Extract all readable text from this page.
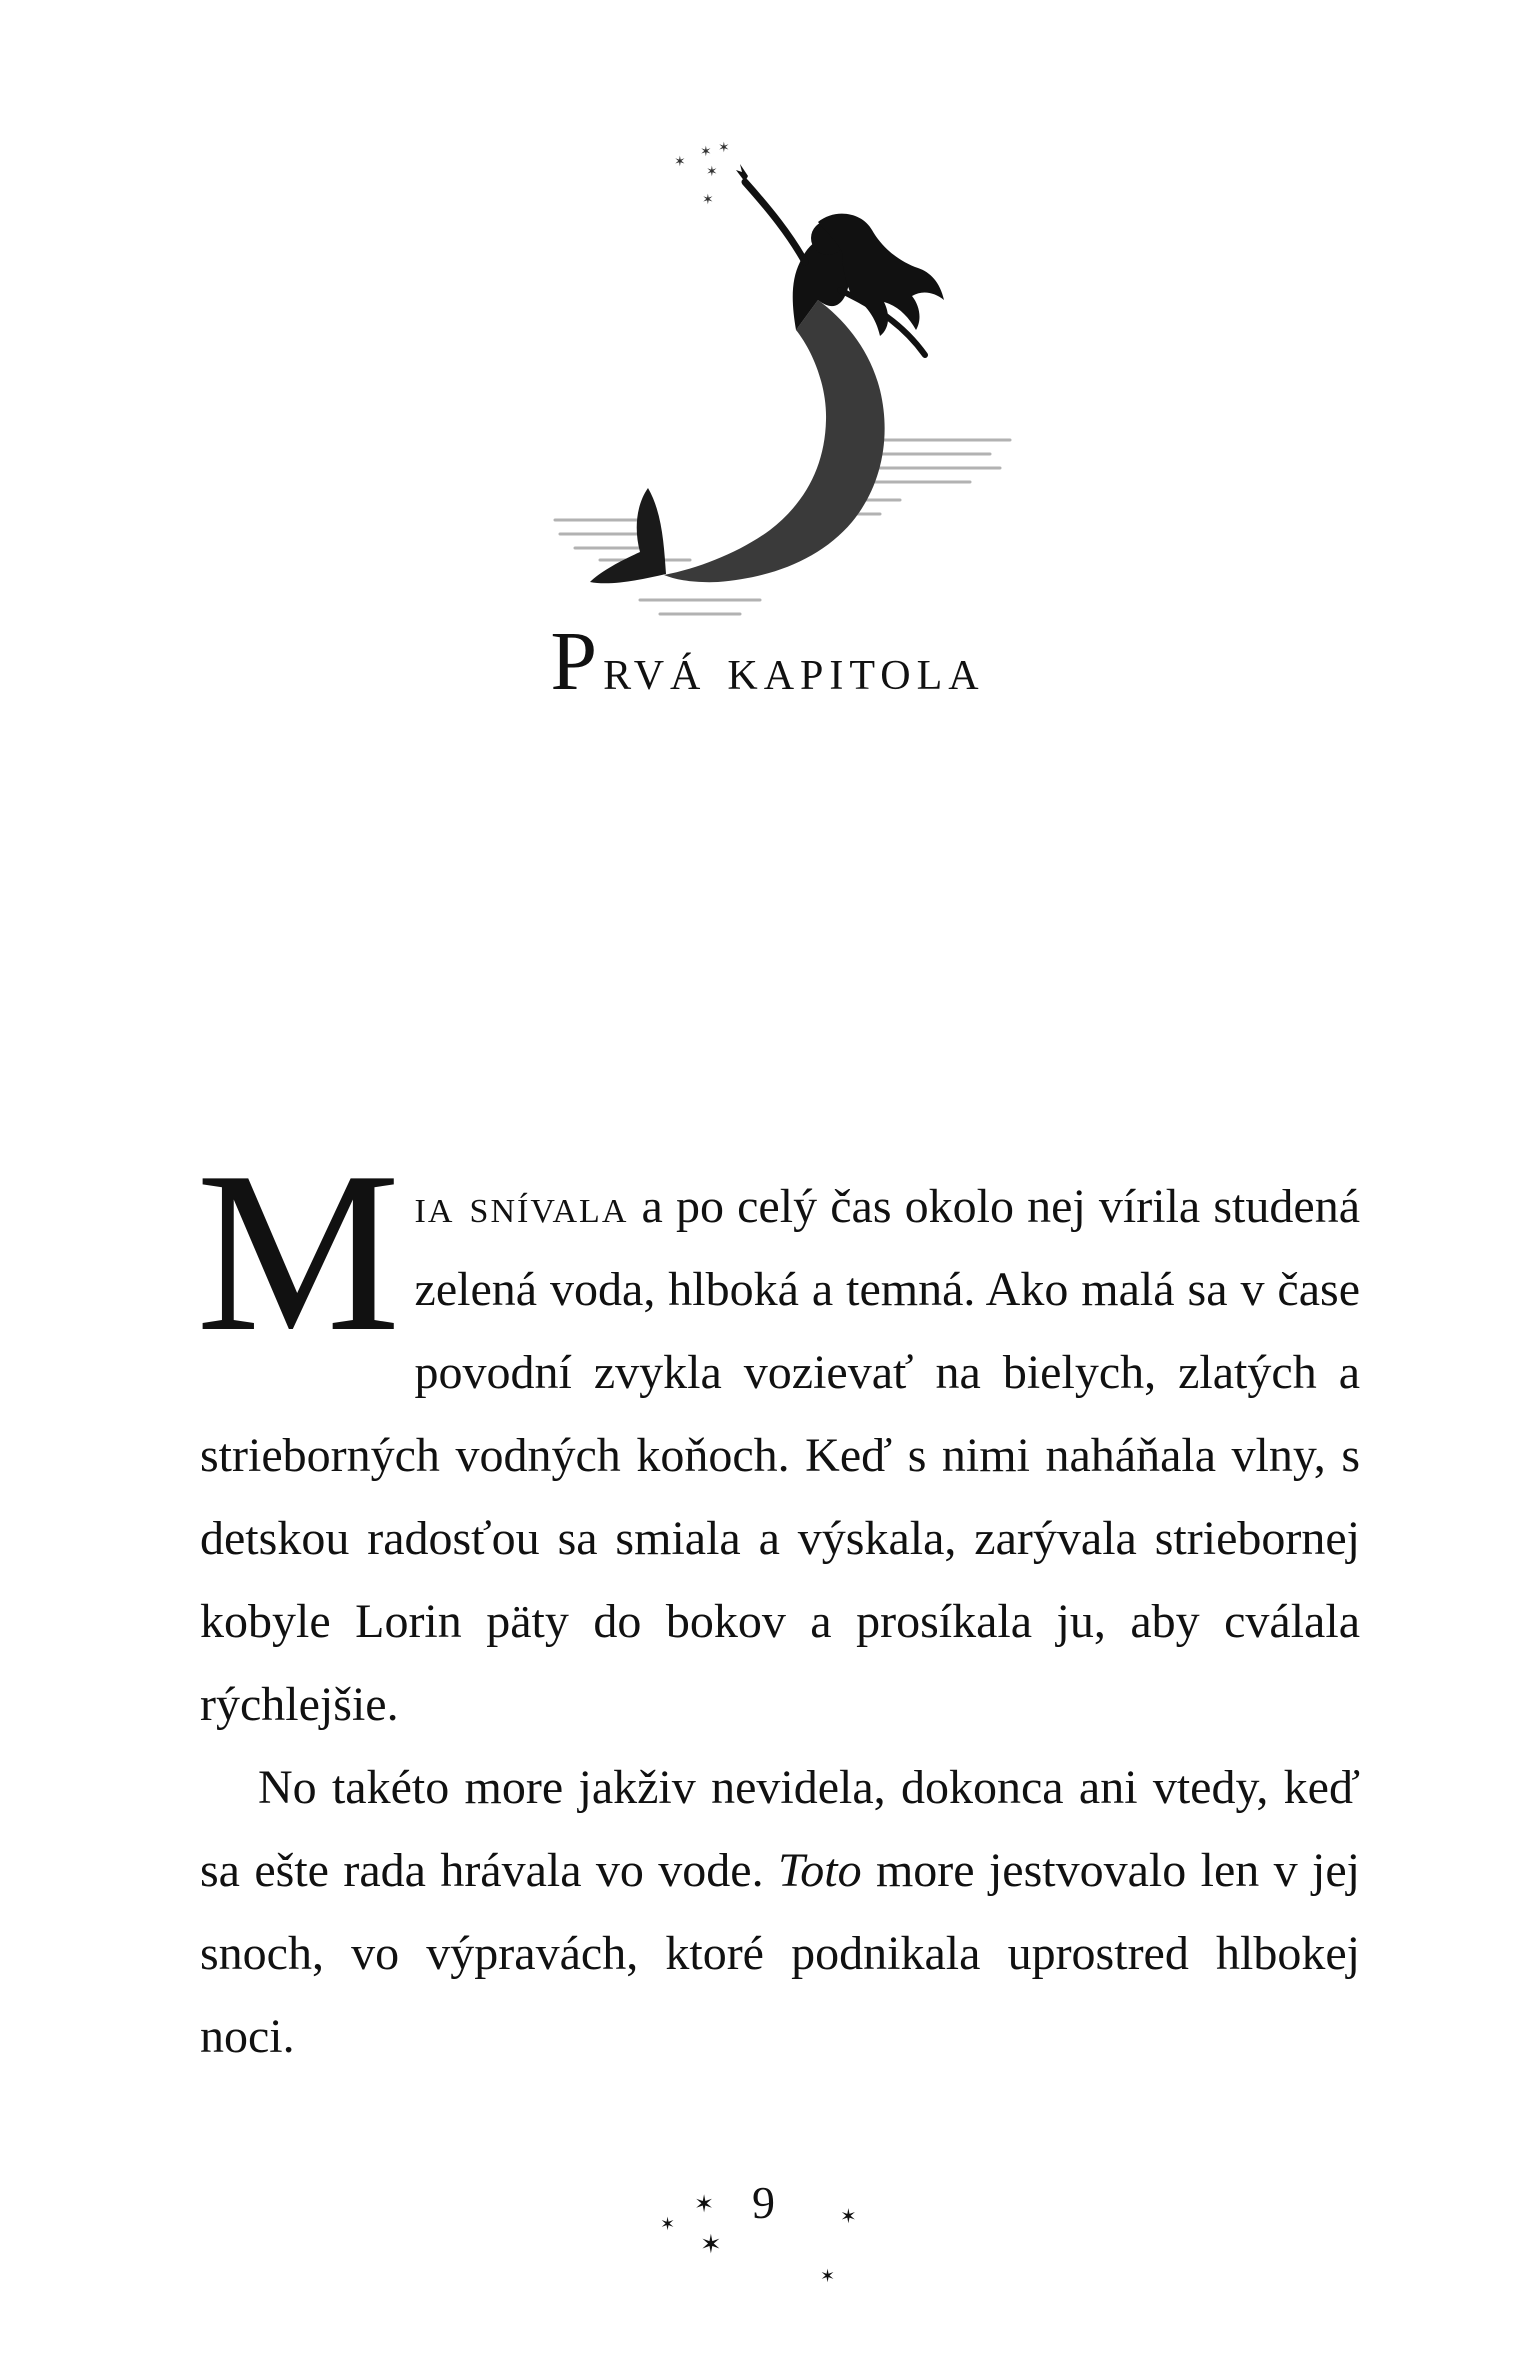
✶
✶ ✶
✶
✶
Prvá kapitola

Mia snívala a po celý čas okolo nej vírila studená zelená voda, hlboká a temná. Ako malá sa v čase povodní zvykla vozievať na bielych, zlatých a strieborných vodných koňoch. Keď s nimi naháňala vlny, s detskou radosťou sa smiala a výskala, zarývala striebornej kobyle Lorin päty do bokov a prosíkala ju, aby cválala rýchlejšie.

No takéto more jakživ nevidela, dokonca ani vtedy, keď sa ešte rada hrávala vo vode. Toto more jestvovalo len v jej snoch, vo výpravách, ktoré podnikala uprostred hlbokej noci.

✶
✶
✶
✶
✶
9
